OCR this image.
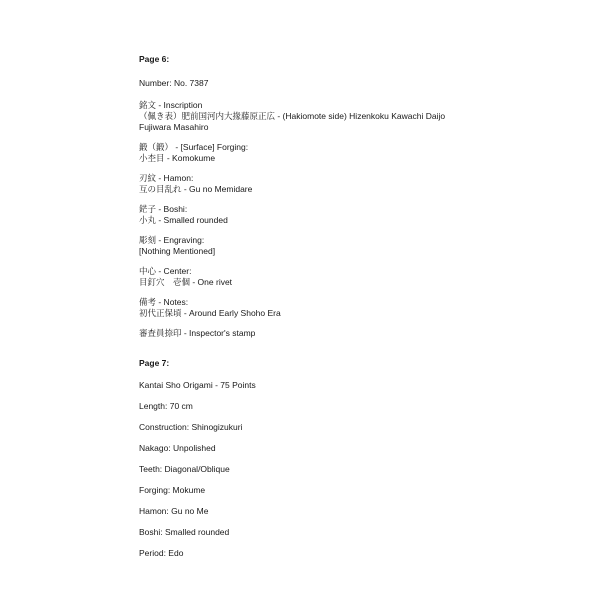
Page 6:
Number: No. 7387
銘文 - Inscription
（佩き表）肥前国河内大掾藤原正広 - (Hakiomote side) Hizenkoku Kawachi Daijo Fujiwara Masahiro
鍛（鍛） - [Surface] Forging:
小杢目 - Komokume
刃紋 - Hamon:
互の目乱れ - Gu no Memidare
鋩子 - Boshi:
小丸 - Smalled rounded
彫刻 - Engraving:
[Nothing Mentioned]
中心 - Center:
目釘穴　壱個 - One rivet
備考 - Notes:
初代正保頃 - Around Early Shoho Era
審査員捺印 - Inspector's stamp
Page 7:
Kantai Sho Origami - 75 Points
Length: 70 cm
Construction: Shinogizukuri
Nakago: Unpolished
Teeth: Diagonal/Oblique
Forging: Mokume
Hamon: Gu no Me
Boshi: Smalled rounded
Period: Edo
